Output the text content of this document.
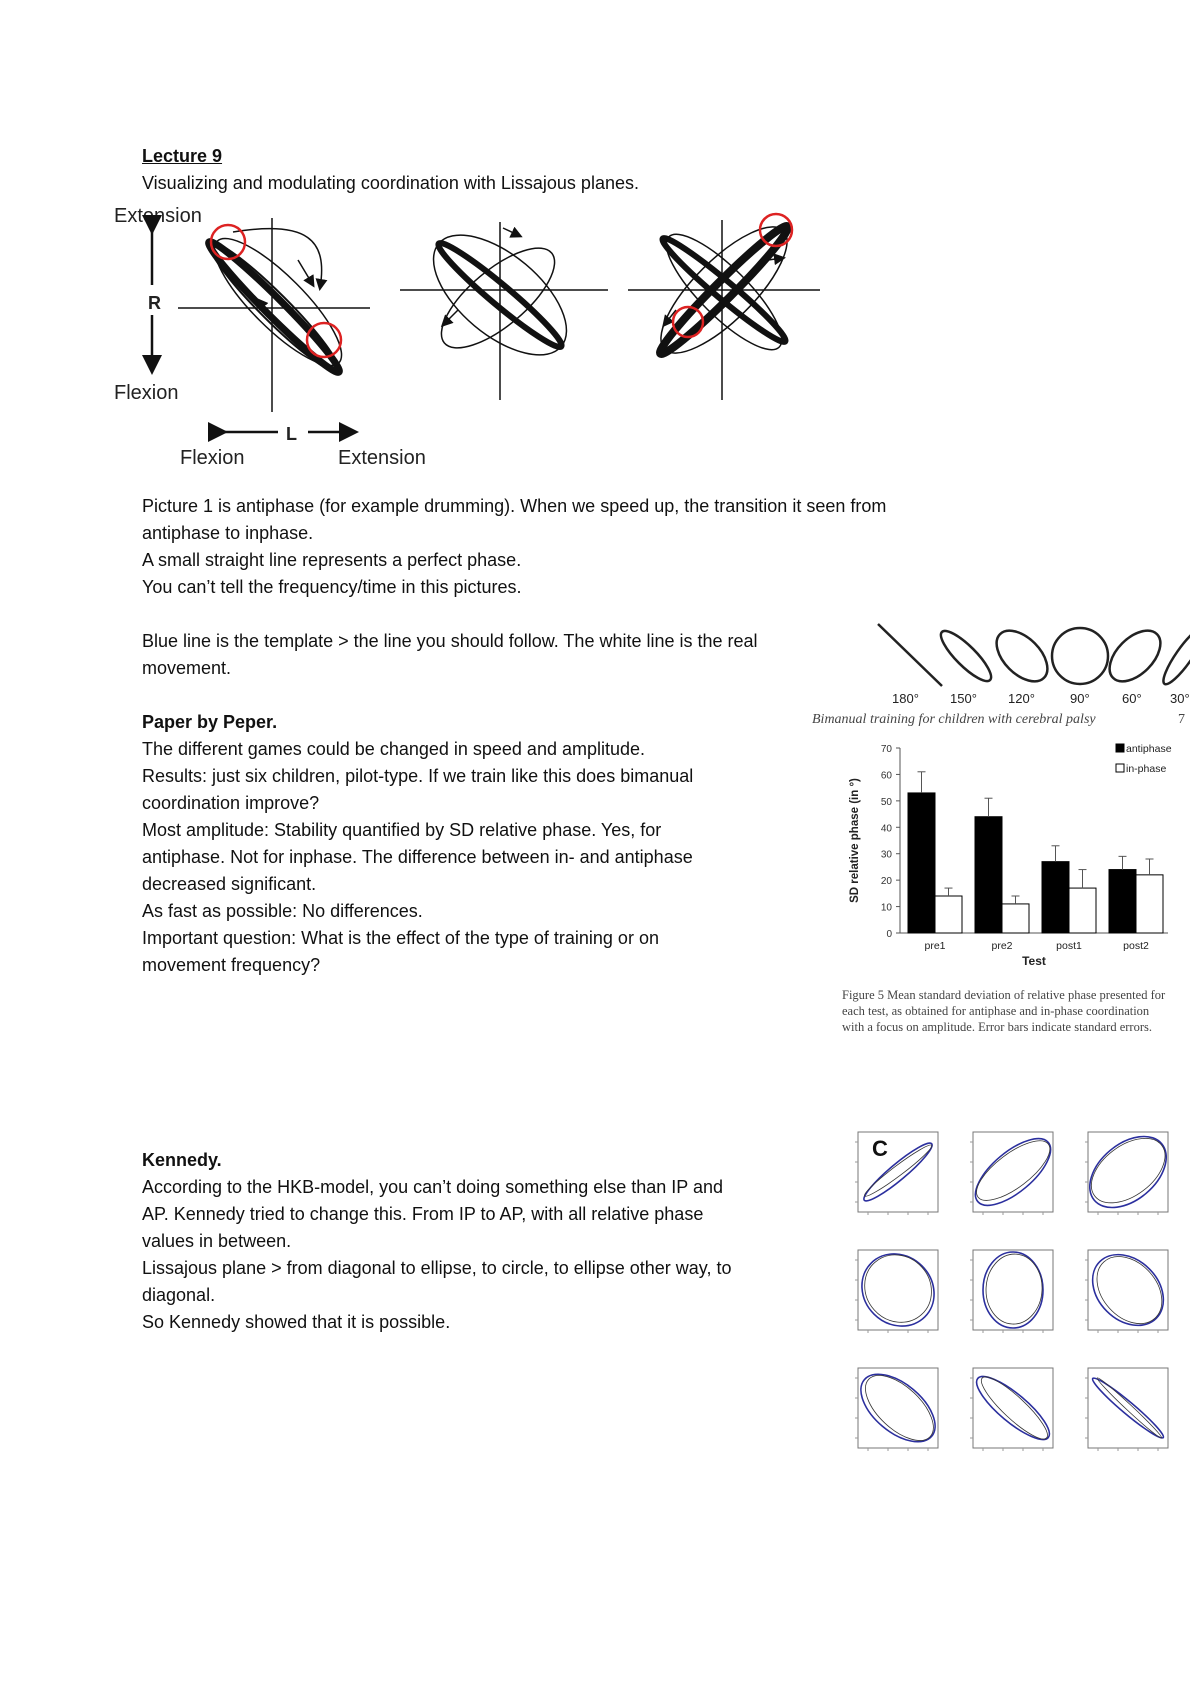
Lecture 9
Visualizing and modulating coordination with Lissajous planes.
Extension
R
Flexion
L
Flexion	Extension
Picture 1 is antiphase (for example drumming). When we speed up, the transition it seen from
antiphase to inphase.
A small straight line represents a perfect phase.
You can’t tell the frequency/time in this pictures.
Blue line is the template > the line you should follow. The white line is the real
movement.
180° 150° 120°	90° 60° 30°
Bimanual training for children with cerebral palsy	7
0
10
20
30
40
50
60
70
SD relative phase (in °)
pre1	pre2	post1	post2
Test
antiphase
in-phase
Figure 5 Mean standard deviation of relative phase presented for
each test, as obtained for antiphase and in-phase coordination
with a focus on amplitude. Error bars indicate standard errors.
Paper by Peper.
The different games could be changed in speed and amplitude.
Results: just six children, pilot-type. If we train like this does bimanual
coordination improve?
Most amplitude: Stability quantified by SD relative phase. Yes, for
antiphase. Not for inphase. The difference between in- and antiphase
decreased significant.
As fast as possible: No differences.
Important question: What is the effect of the type of training or on
movement frequency?
Kennedy.
According to the HKB-model, you can’t doing something else than IP and
AP. Kennedy tried to change this. From IP to AP, with all relative phase
values in between.
Lissajous plane > from diagonal to ellipse, to circle, to ellipse other way, to
diagonal.
So Kennedy showed that it is possible.
C
